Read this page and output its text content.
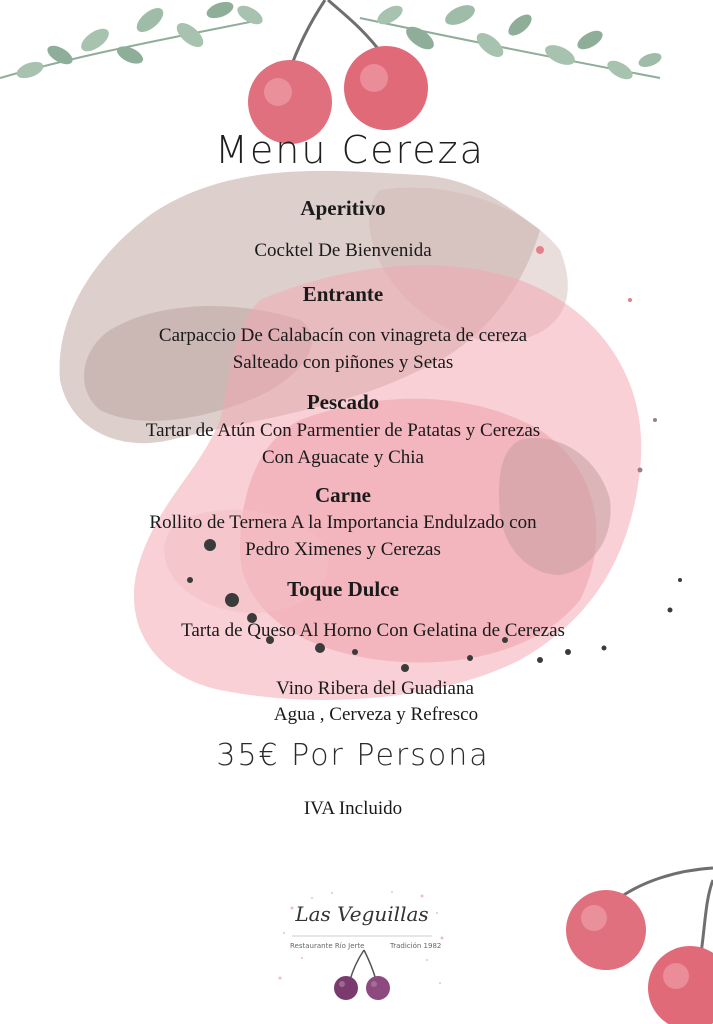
Menu Cereza
Aperitivo
Cocktel De Bienvenida
Entrante
Carpaccio De Calabacín con vinagreta de cereza
Salteado con piñones y Setas
Pescado
Tartar de Atún Con Parmentier de Patatas y Cerezas
Con Aguacate y Chia
Carne
Rollito de Ternera A la Importancia Endulzado con
Pedro Ximenes y Cerezas
Toque Dulce
Tarta de Queso Al Horno Con Gelatina de Cerezas
Vino Ribera del Guadiana
Agua , Cerveza y Refresco
35€ Por Persona
IVA Incluido
Las Veguillas
Restaurante Río Jerte	Tradición 1982
